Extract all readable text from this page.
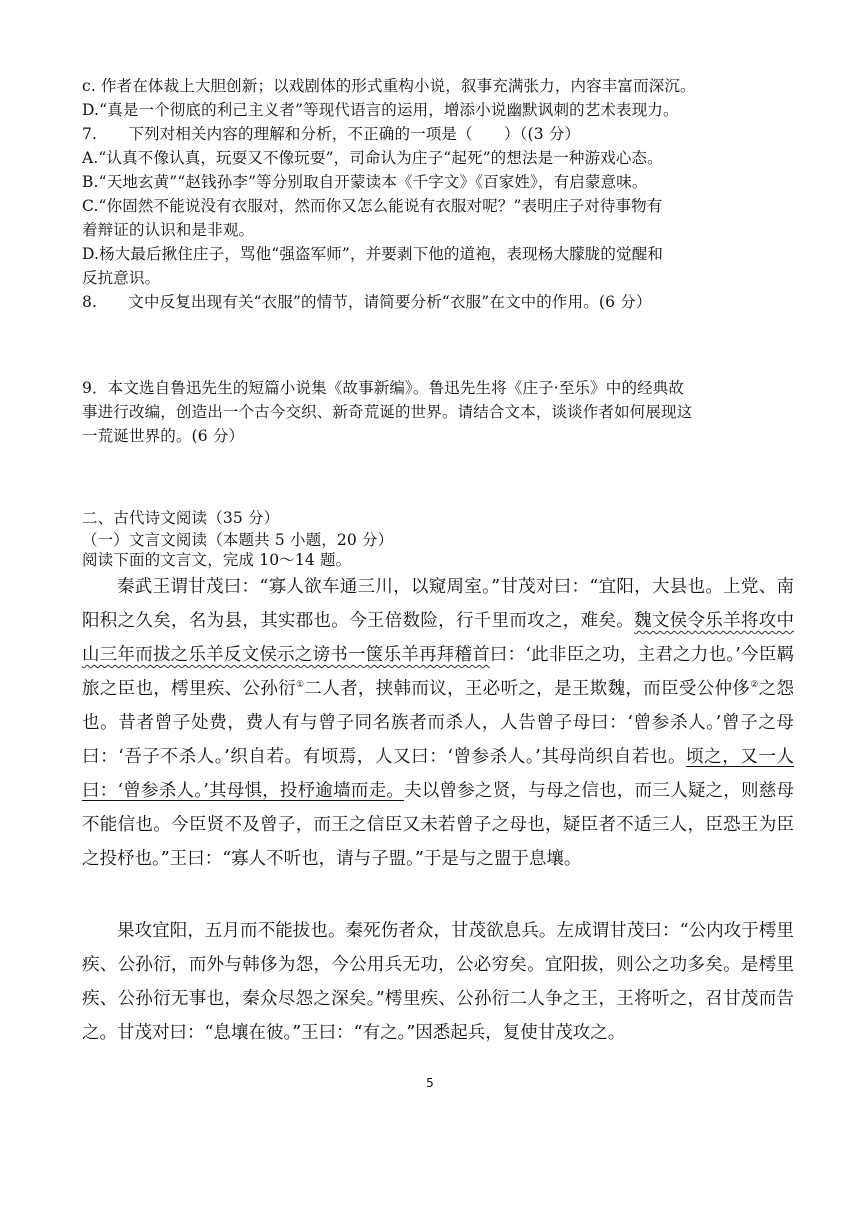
c. 作者在体裁上大胆创新；以戏剧体的形式重构小说，叙事充满张力，内容丰富而深沉。
D.“真是一个彻底的利己主义者”等现代语言的运用，增添小说幽默讽刺的艺术表现力。
7.　　下列对相关内容的理解和分析，不正确的一项是（　　）（(3 分）
A.“认真不像认真，玩耍又不像玩耍”，司命认为庄子“起死”的想法是一种游戏心态。
B.“天地玄黄”“赵钱孙李”等分别取自开蒙读本《千字文》《百家姓》，有启蒙意味。
C.“你固然不能说没有衣服对，然而你又怎么能说有衣服对呢？”表明庄子对待事物有
着辩证的认识和是非观。
D.杨大最后揪住庄子，骂他“强盗军师”，并要剥下他的道袍，表现杨大朦胧的觉醒和
反抗意识。
8.　　文中反复出现有关“衣服”的情节，请简要分析“衣服”在文中的作用。(6 分）
9．本文选自鲁迅先生的短篇小说集《故事新编》。鲁迅先生将《庄子·至乐》中的经典故
事进行改编，创造出一个古今交织、新奇荒诞的世界。请结合文本，谈谈作者如何展现这
一荒诞世界的。(6 分）
二、古代诗文阅读（35 分）
（一）文言文阅读（本题共 5 小题，20 分）
阅读下面的文言文，完成 10～14 题。
秦武王谓甘茂曰：“寡人欲车通三川，以窥周室。”甘茂对曰：“宜阳，大县也。上党、南阳积之久矣，名为县，其实郡也。今王倍数险，行千里而攻之，难矣。魏文侯令乐羊将攻中山三年而拔之乐羊反文侯示之谤书一箧乐羊再拜稽首曰：‘此非臣之功，主君之力也。’今臣羁旅之臣也，樗里疾、公孙衍①二人者，挟韩而议，王必听之，是王欺魏，而臣受公仲侈②之怨也。昔者曾子处费，费人有与曾子同名族者而杀人，人告曾子母曰：‘曾参杀人。’曾子之母曰：‘吾子不杀人。’织自若。有顷焉，人又曰：‘曾参杀人。’其母尚织自若也。顷之，又一人曰：‘曾参杀人。’其母惧，投杼逾墙而走。夫以曾参之贤，与母之信也，而三人疑之，则慈母不能信也。今臣贤不及曾子，而王之信臣又未若曾子之母也，疑臣者不适三人，臣恐王为臣之投杼也。”王曰：“寡人不听也，请与子盟。”于是与之盟于息壤。
果攻宜阳，五月而不能拔也。秦死伤者众，甘茂欲息兵。左成谓甘茂曰：“公内攻于樗里疾、公孙衍，而外与韩侈为怨，今公用兵无功，公必穷矣。宜阳拔，则公之功多矣。是樗里疾、公孙衍无事也，秦众尽怨之深矣。”樗里疾、公孙衍二人争之王，王将听之，召甘茂而告之。甘茂对曰：“息壤在彼。”王曰：“有之。”因悉起兵，复使甘茂攻之。
5
